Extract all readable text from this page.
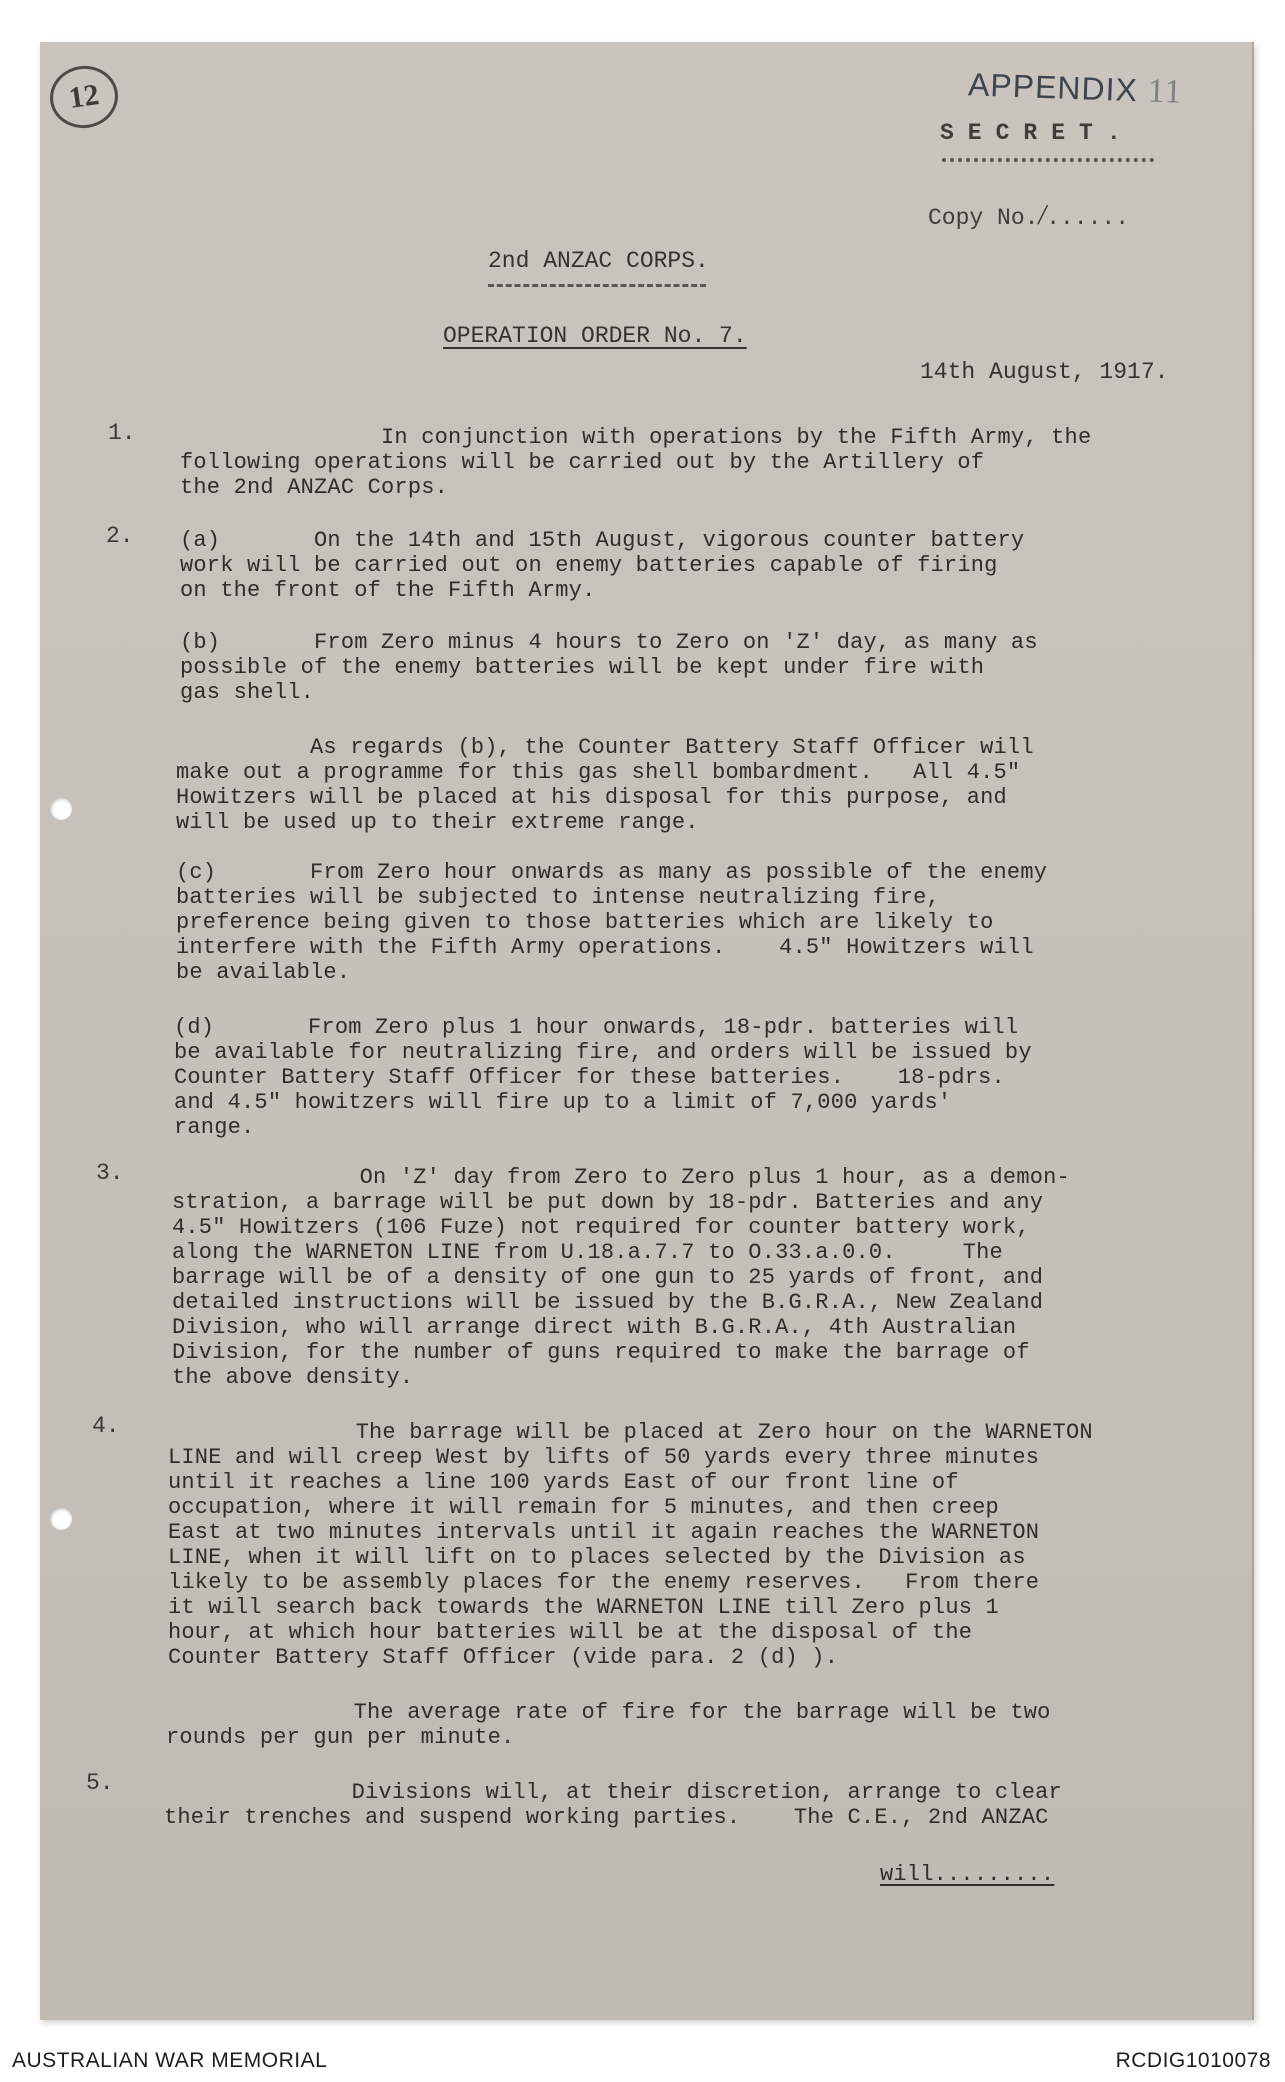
12	APPENDIX 11
SECRET.
Copy No./......
2nd ANZAC CORPS.
OPERATION ORDER No. 7.
14th August, 1917.
1.	In conjunction with operations by the Fifth Army, the
following operations will be carried out by the Artillery of
the 2nd ANZAC Corps.
2. (a)       On the 14th and 15th August, vigorous counter battery
work will be carried out on enemy batteries capable of firing
on the front of the Fifth Army.
(b)       From Zero minus 4 hours to Zero on 'Z' day, as many as
possible of the enemy batteries will be kept under fire with
gas shell.
As regards (b), the Counter Battery Staff Officer will
make out a programme for this gas shell bombardment.   All 4.5"
Howitzers will be placed at his disposal for this purpose, and
will be used up to their extreme range.
(c)       From Zero hour onwards as many as possible of the enemy
batteries will be subjected to intense neutralizing fire,
preference being given to those batteries which are likely to
interfere with the Fifth Army operations.    4.5" Howitzers will
be available.
(d)       From Zero plus 1 hour onwards, 18-pdr. batteries will
be available for neutralizing fire, and orders will be issued by
Counter Battery Staff Officer for these batteries.    18-pdrs.
and 4.5" howitzers will fire up to a limit of 7,000 yards'
range.
3.	On 'Z' day from Zero to Zero plus 1 hour, as a demon-
stration, a barrage will be put down by 18-pdr. Batteries and any
4.5" Howitzers (106 Fuze) not required for counter battery work,
along the WARNETON LINE from U.18.a.7.7 to O.33.a.0.0.     The
barrage will be of a density of one gun to 25 yards of front, and
detailed instructions will be issued by the B.G.R.A., New Zealand
Division, who will arrange direct with B.G.R.A., 4th Australian
Division, for the number of guns required to make the barrage of
the above density.
4.	The barrage will be placed at Zero hour on the WARNETON
LINE and will creep West by lifts of 50 yards every three minutes
until it reaches a line 100 yards East of our front line of
occupation, where it will remain for 5 minutes, and then creep
East at two minutes intervals until it again reaches the WARNETON
LINE, when it will lift on to places selected by the Division as
likely to be assembly places for the enemy reserves.   From there
it will search back towards the WARNETON LINE till Zero plus 1
hour, at which hour batteries will be at the disposal of the
Counter Battery Staff Officer (vide para. 2 (d) ).
The average rate of fire for the barrage will be two
rounds per gun per minute.
5.	Divisions will, at their discretion, arrange to clear
their trenches and suspend working parties.    The C.E., 2nd ANZAC
will.........
AUSTRALIAN WAR MEMORIAL	RCDIG1010078
